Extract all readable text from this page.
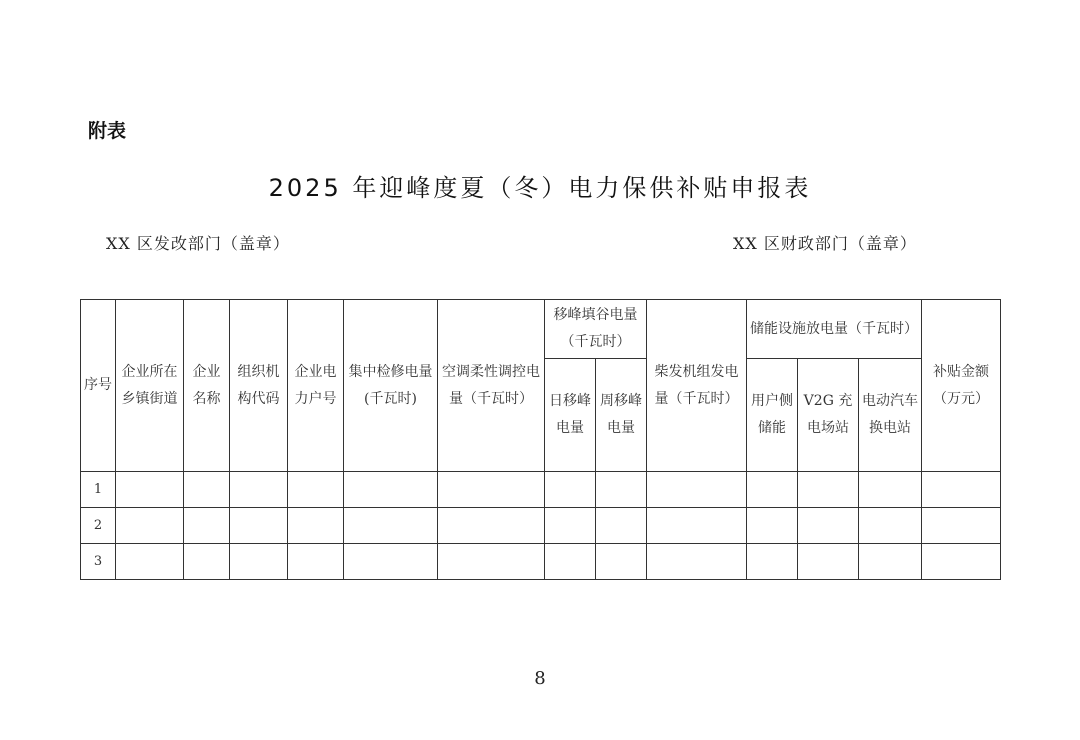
附表
2025 年迎峰度夏（冬）电力保供补贴申报表
XX 区发改部门（盖章）	XX 区财政部门（盖章）
序号	企业所在乡镇街道	企业名称	组织机构代码	企业电力户号	集中检修电量(千瓦时)	空调柔性调控电量（千瓦时）	移峰填谷电量（千瓦时）		柴发机组发电量（千瓦时）	储能设施放电量（千瓦时）			补贴金额（万元）
							日移峰电量	周移峰电量		用户侧储能	V2G 充电场站	电动汽车换电站	
1													
2													
3													
8
